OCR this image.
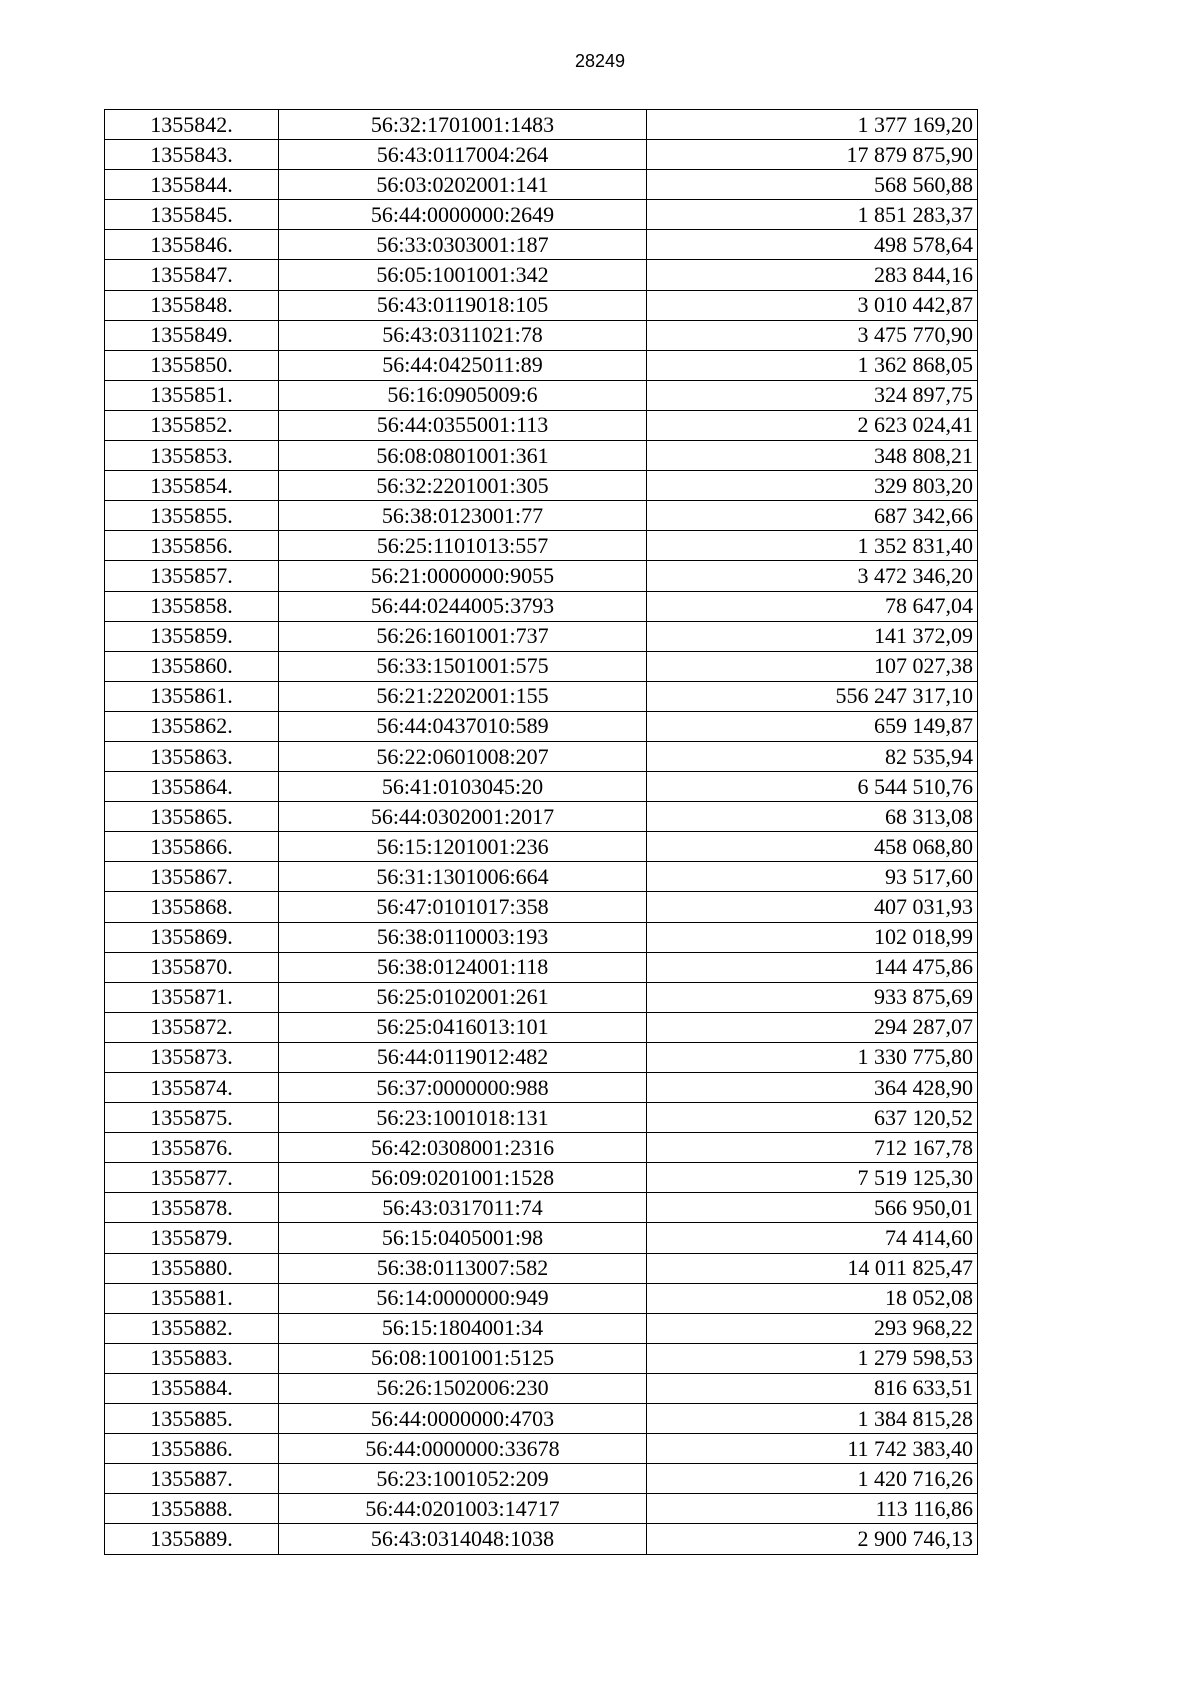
28249
1355842.	56:32:1701001:1483	1 377 169,20
1355843.	56:43:0117004:264	17 879 875,90
1355844.	56:03:0202001:141	568 560,88
1355845.	56:44:0000000:2649	1 851 283,37
1355846.	56:33:0303001:187	498 578,64
1355847.	56:05:1001001:342	283 844,16
1355848.	56:43:0119018:105	3 010 442,87
1355849.	56:43:0311021:78	3 475 770,90
1355850.	56:44:0425011:89	1 362 868,05
1355851.	56:16:0905009:6	324 897,75
1355852.	56:44:0355001:113	2 623 024,41
1355853.	56:08:0801001:361	348 808,21
1355854.	56:32:2201001:305	329 803,20
1355855.	56:38:0123001:77	687 342,66
1355856.	56:25:1101013:557	1 352 831,40
1355857.	56:21:0000000:9055	3 472 346,20
1355858.	56:44:0244005:3793	78 647,04
1355859.	56:26:1601001:737	141 372,09
1355860.	56:33:1501001:575	107 027,38
1355861.	56:21:2202001:155	556 247 317,10
1355862.	56:44:0437010:589	659 149,87
1355863.	56:22:0601008:207	82 535,94
1355864.	56:41:0103045:20	6 544 510,76
1355865.	56:44:0302001:2017	68 313,08
1355866.	56:15:1201001:236	458 068,80
1355867.	56:31:1301006:664	93 517,60
1355868.	56:47:0101017:358	407 031,93
1355869.	56:38:0110003:193	102 018,99
1355870.	56:38:0124001:118	144 475,86
1355871.	56:25:0102001:261	933 875,69
1355872.	56:25:0416013:101	294 287,07
1355873.	56:44:0119012:482	1 330 775,80
1355874.	56:37:0000000:988	364 428,90
1355875.	56:23:1001018:131	637 120,52
1355876.	56:42:0308001:2316	712 167,78
1355877.	56:09:0201001:1528	7 519 125,30
1355878.	56:43:0317011:74	566 950,01
1355879.	56:15:0405001:98	74 414,60
1355880.	56:38:0113007:582	14 011 825,47
1355881.	56:14:0000000:949	18 052,08
1355882.	56:15:1804001:34	293 968,22
1355883.	56:08:1001001:5125	1 279 598,53
1355884.	56:26:1502006:230	816 633,51
1355885.	56:44:0000000:4703	1 384 815,28
1355886.	56:44:0000000:33678	11 742 383,40
1355887.	56:23:1001052:209	1 420 716,26
1355888.	56:44:0201003:14717	113 116,86
1355889.	56:43:0314048:1038	2 900 746,13
